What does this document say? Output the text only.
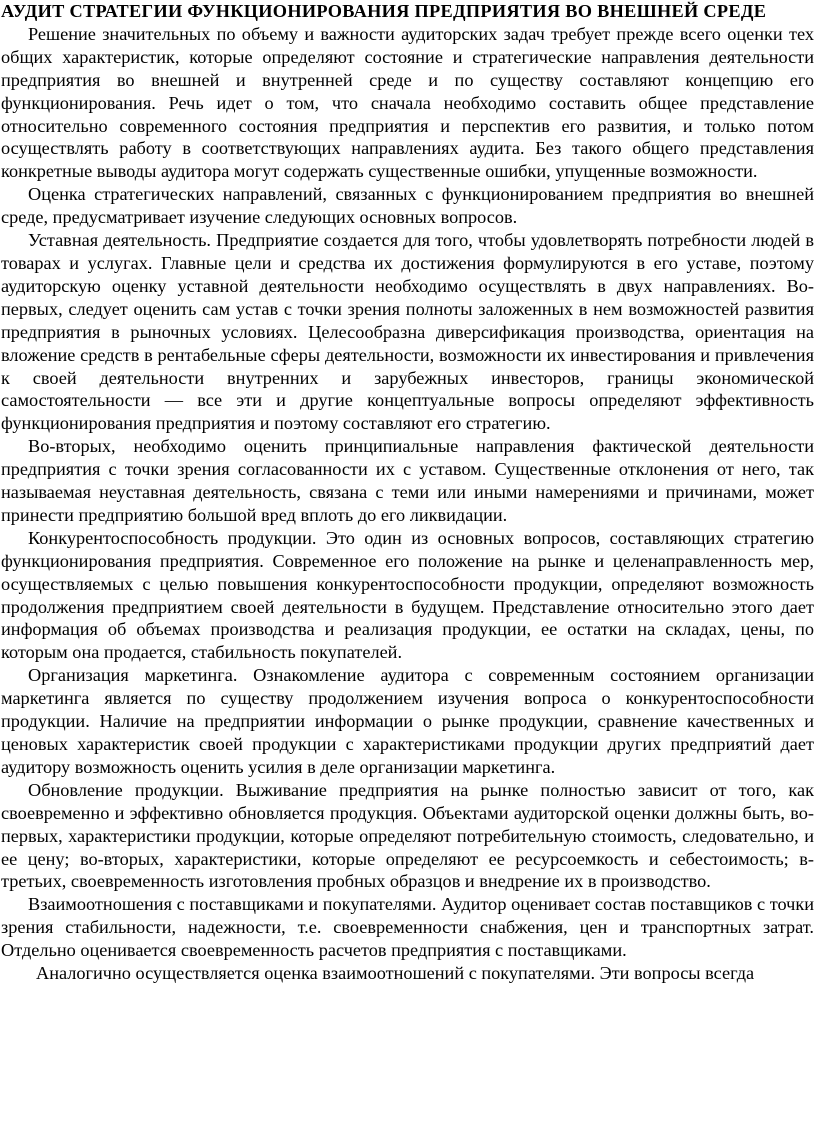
АУДИТ СТРАТЕГИИ ФУНКЦИОНИРОВАНИЯ ПРЕДПРИЯТИЯ ВО ВНЕШНЕЙ СРЕДЕ

Решение значительных по объему и важности аудиторских задач требует прежде всего оценки тех общих характеристик, которые определяют состояние и стратегические направления деятельности предприятия во внешней и внутренней среде и по существу составляют концепцию его функционирования. Речь идет о том, что сначала необходимо составить общее представление относительно современного состояния предприятия и перспектив его развития, и только потом осуществлять работу в соответствующих направлениях аудита. Без такого общего представления конкретные выводы аудитора могут содержать существенные ошибки, упущенные возможности.

Оценка стратегических направлений, связанных с функционированием предприятия во внешней среде, предусматривает изучение следующих основных вопросов.

Уставная деятельность. Предприятие создается для того, чтобы удовлетворять потребности людей в товарах и услугах. Главные цели и средства их достижения формулируются в его уставе, поэтому аудиторскую оценку уставной деятельности необходимо осуществлять в двух направлениях. Во-первых, следует оценить сам устав с точки зрения полноты заложенных в нем возможностей развития предприятия в рыночных условиях. Целесообразна диверсификация производства, ориентация на вложение средств в рентабельные сферы деятельности, возможности их инвестирования и привлечения к своей деятельности внутренних и зарубежных инвесторов, границы экономической самостоятельности — все эти и другие концептуальные вопросы определяют эффективность функционирования предприятия и поэтому составляют его стратегию.

Во-вторых, необходимо оценить принципиальные направления фактической деятельности предприятия с точки зрения согласованности их с уставом. Существенные отклонения от него, так называемая неуставная деятельность, связана с теми или иными намерениями и причинами, может принести предприятию большой вред вплоть до его ликвидации.

Конкурентоспособность продукции. Это один из основных вопросов, составляющих стратегию функционирования предприятия. Современное его положение на рынке и целенаправленность мер, осуществляемых с целью повышения конкурентоспособности продукции, определяют возможность продолжения предприятием своей деятельности в будущем. Представление относительно этого дает информация об объемах производства и реализация продукции, ее остатки на складах, цены, по которым она продается, стабильность покупателей.

Организация маркетинга. Ознакомление аудитора с современным состоянием организации маркетинга является по существу продолжением изучения вопроса о конкурентоспособности продукции. Наличие на предприятии информации о рынке продукции, сравнение качественных и ценовых характеристик своей продукции с характеристиками продукции других предприятий дает аудитору возможность оценить усилия в деле организации маркетинга.

Обновление продукции. Выживание предприятия на рынке полностью зависит от того, как своевременно и эффективно обновляется продукция. Объектами аудиторской оценки должны быть, во-первых, характеристики продукции, которые определяют потребительную стоимость, следовательно, и ее цену; во-вторых, характеристики, которые определяют ее ресурсоемкость и себестоимость; в-третьих, своевременность изготовления пробных образцов и внедрение их в производство.

Взаимоотношения с поставщиками и покупателями. Аудитор оценивает состав поставщиков с точки зрения стабильности, надежности, т.е. своевременности снабжения, цен и транспортных затрат. Отдельно оценивается своевременность расчетов предприятия с поставщиками.

Аналогично осуществляется оценка взаимоотношений с покупателями. Эти вопросы всегда
